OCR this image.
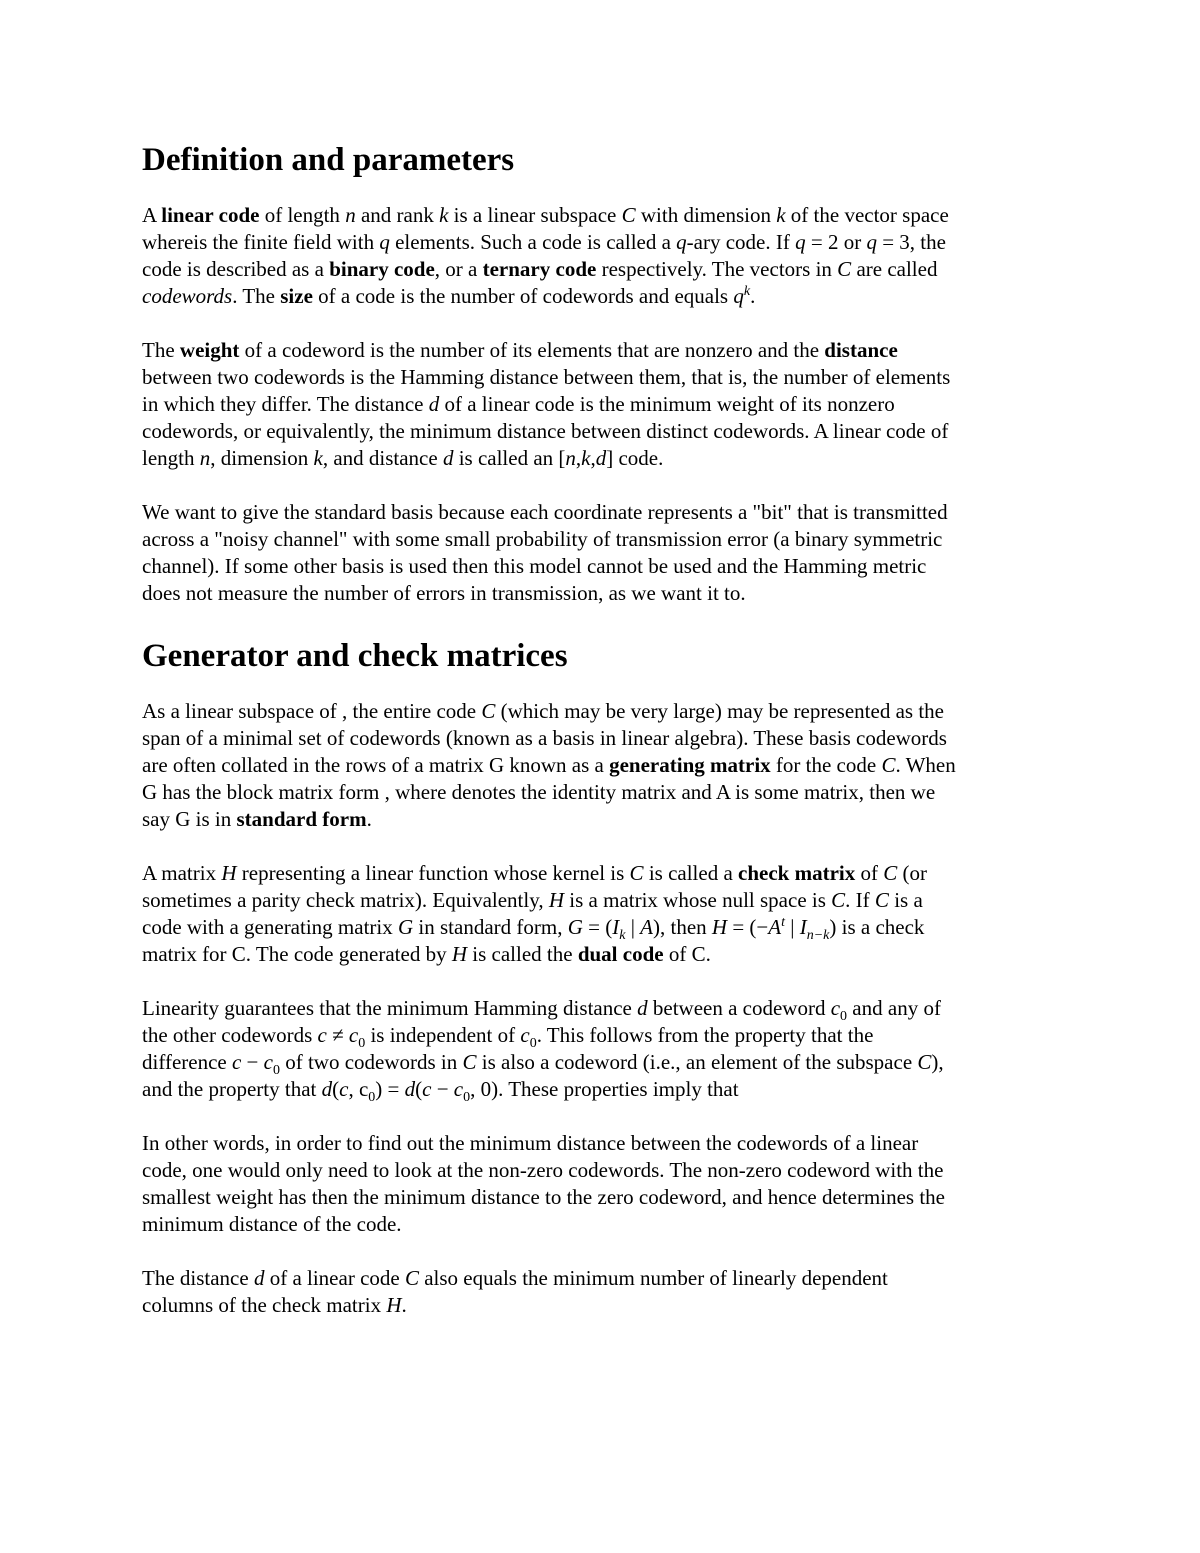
Definition and parameters

A linear code of length n and rank k is a linear subspace C with dimension k of the vector space
whereis the finite field with q elements. Such a code is called a q-ary code. If q = 2 or q = 3, the
code is described as a binary code, or a ternary code respectively. The vectors in C are called
codewords. The size of a code is the number of codewords and equals $q^k$.

The weight of a codeword is the number of its elements that are nonzero and the distance
between two codewords is the Hamming distance between them, that is, the number of elements
in which they differ. The distance d of a linear code is the minimum weight of its nonzero
codewords, or equivalently, the minimum distance between distinct codewords. A linear code of
length n, dimension k, and distance d is called an [n,k,d] code.

We want to give the standard basis because each coordinate represents a "bit" that is transmitted
across a "noisy channel" with some small probability of transmission error (a binary symmetric
channel). If some other basis is used then this model cannot be used and the Hamming metric
does not measure the number of errors in transmission, as we want it to.

Generator and check matrices

As a linear subspace of , the entire code C (which may be very large) may be represented as the
span of a minimal set of codewords (known as a basis in linear algebra). These basis codewords
are often collated in the rows of a matrix G known as a generating matrix for the code C. When
G has the block matrix form , where denotes the identity matrix and A is some matrix, then we
say G is in standard form.

A matrix H representing a linear function whose kernel is C is called a check matrix of C (or
sometimes a parity check matrix). Equivalently, H is a matrix whose null space is C. If C is a
code with a generating matrix G in standard form, $G = (I_k$ | A), then $H = (-A^t$ | $I_{n-k}$) is a check
matrix for C. The code generated by H is called the dual code of C.

Linearity guarantees that the minimum Hamming distance d between a codeword $c_0$ and any of
the other codewords $c \ne c_0$ is independent of $c_0$. This follows from the property that the
difference $c - c_0$ of two codewords in C is also a codeword (i.e., an element of the subspace C),
and the property that d(c, $c_0) = d(c - c_0$, 0). These properties imply that

In other words, in order to find out the minimum distance between the codewords of a linear
code, one would only need to look at the non-zero codewords. The non-zero codeword with the
smallest weight has then the minimum distance to the zero codeword, and hence determines the
minimum distance of the code.

The distance d of a linear code C also equals the minimum number of linearly dependent
columns of the check matrix H.
